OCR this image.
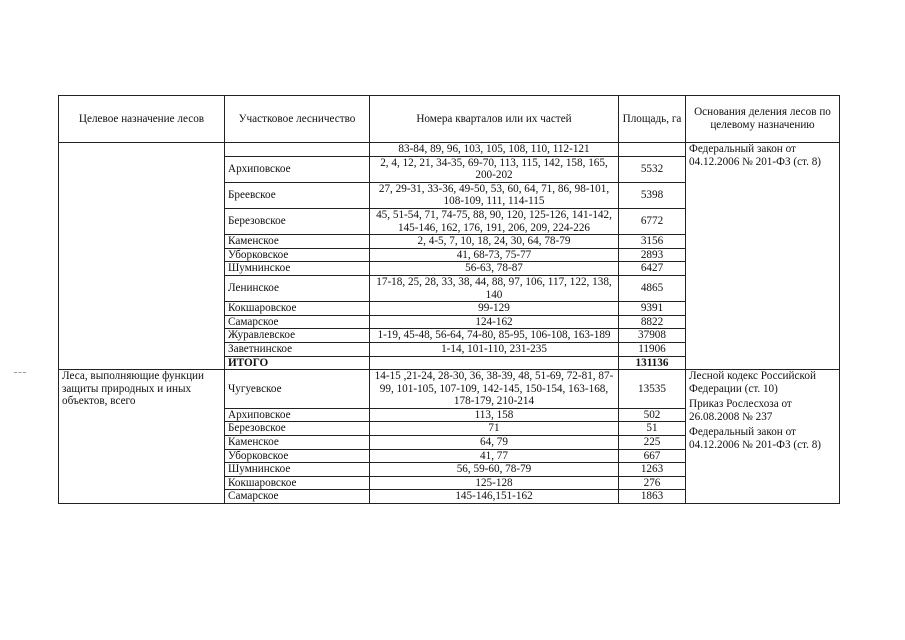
Целевое назначение лесов	Участковое лесничество	Номера кварталов или их частей	Площадь, га	Основания деления лесов по целевому назначению
		83-84, 89, 96, 103, 105, 108, 110, 112-121		Федеральный закон от 04.12.2006 № 201-ФЗ (ст. 8)
	Архиповское	2, 4, 12, 21, 34-35, 69-70, 113, 115, 142, 158, 165, 200-202	5532	
	Бреевское	27, 29-31, 33-36, 49-50, 53, 60, 64, 71, 86, 98-101, 108-109, 111, 114-115	5398	
	Березовское	45, 51-54, 71, 74-75, 88, 90, 120, 125-126, 141-142, 145-146, 162, 176, 191, 206, 209, 224-226	6772	
	Каменское	2, 4-5, 7, 10, 18, 24, 30, 64, 78-79	3156	
	Уборковское	41, 68-73, 75-77	2893	
	Шумнинское	56-63, 78-87	6427	
	Ленинское	17-18, 25, 28, 33, 38, 44, 88, 97, 106, 117, 122, 138, 140	4865	
	Кокшаровское	99-129	9391	
	Самарское	124-162	8822	
	Журавлевское	1-19, 45-48, 56-64, 74-80, 85-95, 106-108, 163-189	37908	
	Заветнинское	1-14, 101-110, 231-235	11906	
	ИТОГО		131136	
Леса, выполняющие функции защиты природных и иных объектов, всего	Чугуевское	14-15 ,21-24, 28-30, 36, 38-39, 48, 51-69, 72-81, 87-99, 101-105, 107-109, 142-145, 150-154, 163-168, 178-179, 210-214	13535	Лесной кодекс Российской Федерации (ст. 10)
Приказ Рослесхоза от 26.08.2008 № 237
Федеральный закон от 04.12.2006 № 201-ФЗ (ст. 8)

	Архиповское	113, 158	502	
	Березовское	71	51	
	Каменское	64, 79	225	
	Уборковское	41, 77	667	
	Шумнинское	56, 59-60, 78-79	1263	
	Кокшаровское	125-128	276	
	Самарское	145-146,151-162	1863	
